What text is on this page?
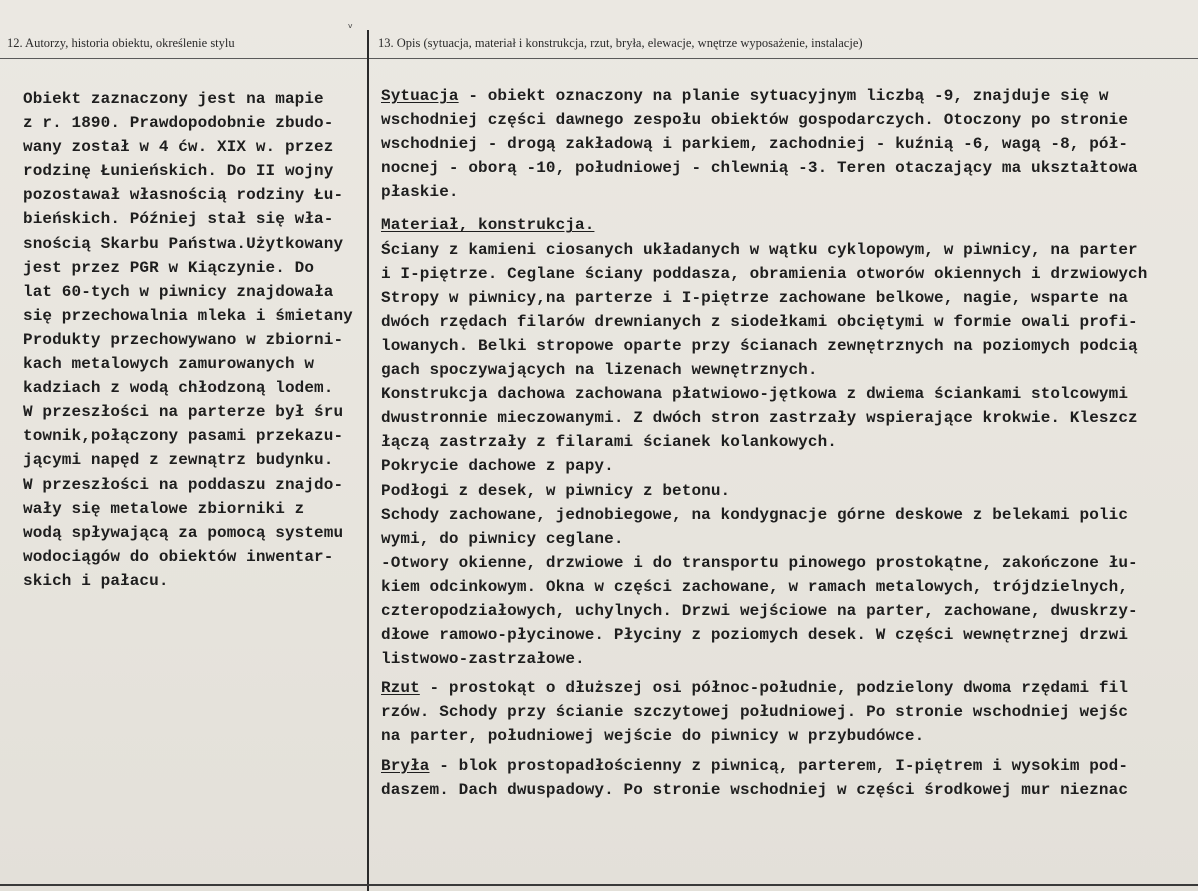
ᵥ
12. Autorzy, historia obiektu, określenie stylu	13. Opis (sytuacja, materiał i konstrukcja, rzut, bryła, elewacje, wnętrze wyposażenie, instalacje)
Obiekt zaznaczony jest na mapie
z r. 1890. Prawdopodobnie zbudo-
wany został w 4 ćw. XIX w. przez
rodzinę Łunieńskich. Do II wojny
pozostawał własnością rodziny Łu-
bieńskich. Później stał się wła-
snością Skarbu Państwa.Użytkowany
jest przez PGR w Kiączynie. Do
lat 60-tych w piwnicy znajdowała
się przechowalnia mleka i śmietany
Produkty przechowywano w zbiorni-
kach metalowych zamurowanych w
kadziach z wodą chłodzoną lodem.
W przeszłości na parterze był śru
townik,połączony pasami przekazu-
jącymi napęd z zewnątrz budynku.
W przeszłości na poddaszu znajdo-
wały się metalowe zbiorniki z
wodą spływającą za pomocą systemu
wodociągów do obiektów inwentar-
skich i pałacu.
Sytuacja - obiekt oznaczony na planie sytuacyjnym liczbą -9, znajduje się w
wschodniej części dawnego zespołu obiektów gospodarczych. Otoczony po stronie
wschodniej - drogą zakładową i parkiem, zachodniej - kuźnią -6, wagą -8, pół-
nocnej - oborą -10, południowej - chlewnią -3. Teren otaczający ma ukształtowa
płaskie.
Materiał, konstrukcja.
Ściany z kamieni ciosanych układanych w wątku cyklopowym, w piwnicy, na parter
i I-piętrze. Ceglane ściany poddasza, obramienia otworów okiennych i drzwiowych
Stropy w piwnicy,na parterze i I-piętrze zachowane belkowe, nagie, wsparte na
dwóch rzędach filarów drewnianych z siodełkami obciętymi w formie owali profi-
lowanych. Belki stropowe oparte przy ścianach zewnętrznych na poziomych podcią
gach spoczywających na lizenach wewnętrznych.
Konstrukcja dachowa zachowana płatwiowo-jętkowa z dwiema ściankami stolcowymi
dwustronnie mieczowanymi. Z dwóch stron zastrzały wspierające krokwie. Kleszcz
łączą zastrzały z filarami ścianek kolankowych.
Pokrycie dachowe z papy.
Podłogi z desek, w piwnicy z betonu.
Schody zachowane, jednobiegowe, na kondygnacje górne deskowe z belekami polic
wymi, do piwnicy ceglane.
-Otwory okienne, drzwiowe i do transportu pinowego prostokątne, zakończone łu-
kiem odcinkowym. Okna w części zachowane, w ramach metalowych, trójdzielnych,
czteropodziałowych, uchylnych. Drzwi wejściowe na parter, zachowane, dwuskrzy-
dłowe ramowo-płycinowe. Płyciny z poziomych desek. W części wewnętrznej drzwi
listwowo-zastrzałowe.
Rzut - prostokąt o dłuższej osi północ-południe, podzielony dwoma rzędami fil
rzów. Schody przy ścianie szczytowej południowej. Po stronie wschodniej wejśc
na parter, południowej wejście do piwnicy w przybudówce.
Bryła - blok prostopadłościenny z piwnicą, parterem, I-piętrem i wysokim pod-
daszem. Dach dwuspadowy. Po stronie wschodniej w części środkowej mur nieznac
